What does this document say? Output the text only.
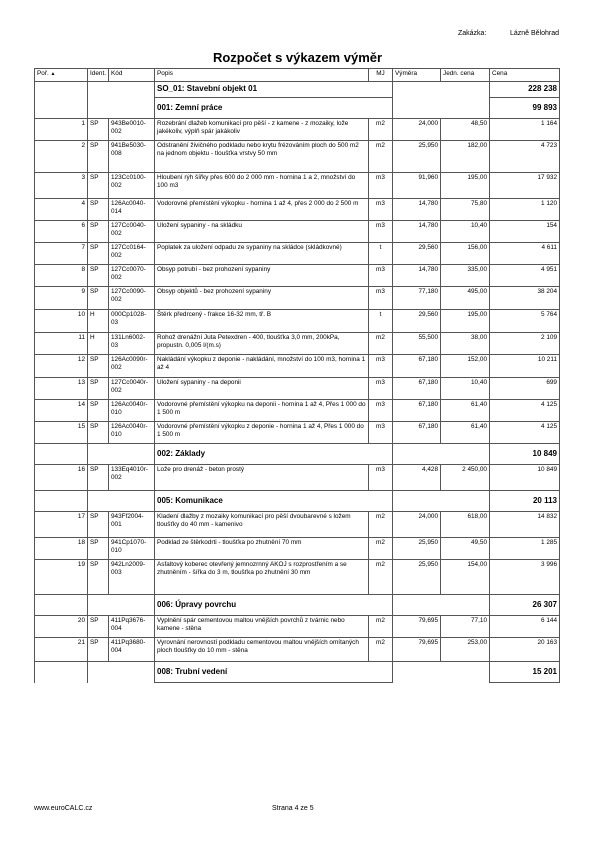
Zakázka:	Lázně Bělohrad
Rozpočet s výkazem výměr
Poř. ▲	Ident.	Kód	Popis	MJ	Výměra	Jedn. cena	Cena
			SO_01: Stavební objekt 01				228 238
			001: Zemní práce				99 893
1	SP	943Be0010-002	Rozebrání dlažeb komunikací pro pěší - z kamene - z mozaiky, lože jakékoliv, výplň spár jakákoliv	m2	24,000	48,50	1 164
2	SP	941Be5030-008	Odstranění živičného podkladu nebo krytu frézováním ploch do 500 m2 na jednom objektu - tloušťka vrstvy 50 mm	m2	25,950	182,00	4 723
3	SP	123Cc0100-002	Hloubení rýh šířky přes 600 do 2 000 mm - hornina 1 a 2, množství do 100 m3	m3	91,960	195,00	17 932
4	SP	126Ac0040-014	Vodorovné přemístění výkopku - hornina 1 až 4, přes 2 000 do 2 500 m	m3	14,780	75,80	1 120
6	SP	127Cc0040-002	Uložení sypaniny - na skládku	m3	14,780	10,40	154
7	SP	127Cc0164-002	Poplatek za uložení odpadu ze sypaniny na skládce (skládkovné)	t	29,560	156,00	4 611
8	SP	127Cc0070-002	Obsyp potrubí - bez prohození sypaniny	m3	14,780	335,00	4 951
9	SP	127Cc0090-002	Obsyp objektů - bez prohození sypaniny	m3	77,180	495,00	38 204
10	H	000Cp1028-03	Štěrk předrcený - frakce 16-32 mm, tř. B	t	29,560	195,00	5 764
11	H	131Ln6002-03	Rohož drenážní Juta Petexdren - 400, tloušťka 3,0 mm, 200kPa, propustn. 0,005 l/(m.s)	m2	55,500	38,00	2 109
12	SP	126Ac0090r-002	Nakládání výkopku z deponie - nakládání, množství do 100 m3, hornina 1 až 4	m3	67,180	152,00	10 211
13	SP	127Cc0040r-002	Uložení sypaniny - na deponii	m3	67,180	10,40	699
14	SP	126Ac0040r-010	Vodorovné přemístění výkopku na deponii - hornina 1 až 4, Přes 1 000 do 1 500 m	m3	67,180	61,40	4 125
15	SP	126Ac0040r-010	Vodorovné přemístění výkopku z deponie - hornina 1 až 4, Přes 1 000 do 1 500 m	m3	67,180	61,40	4 125
			002: Základy				10 849
16	SP	133Eq4010r-002	Lože pro drenáž - beton prostý	m3	4,428	2 450,00	10 849
			005: Komunikace				20 113
17	SP	943Ff2004-001	Kladení dlažby z mozaiky komunikací pro pěší dvoubarevné s ložem tloušťky do 40 mm - kamenivo	m2	24,000	618,00	14 832
18	SP	941Cp1070-010	Podklad ze štěrkodrti - tloušťka po zhutnění 70 mm	m2	25,950	49,50	1 285
19	SP	942Ln2009-003	Asfaltový koberec otevřený jemnozrnný AKOJ s rozprostřením a se zhutněním - šířka do 3 m, tloušťka po zhutnění 30 mm	m2	25,950	154,00	3 996
			006: Úpravy povrchu				26 307
20	SP	411Pq3676-004	Vyplnění spár cementovou maltou vnějších povrchů z tvárnic nebo kamene - stěna	m2	79,695	77,10	6 144
21	SP	411Pq3680-004	Vyrovnání nerovností podkladu cementovou maltou vnějších omítaných ploch tloušťky do 10 mm - stěna	m2	79,695	253,00	20 163
			008: Trubní vedení				15 201
www.euroCALC.cz	Strana 4 ze 5
